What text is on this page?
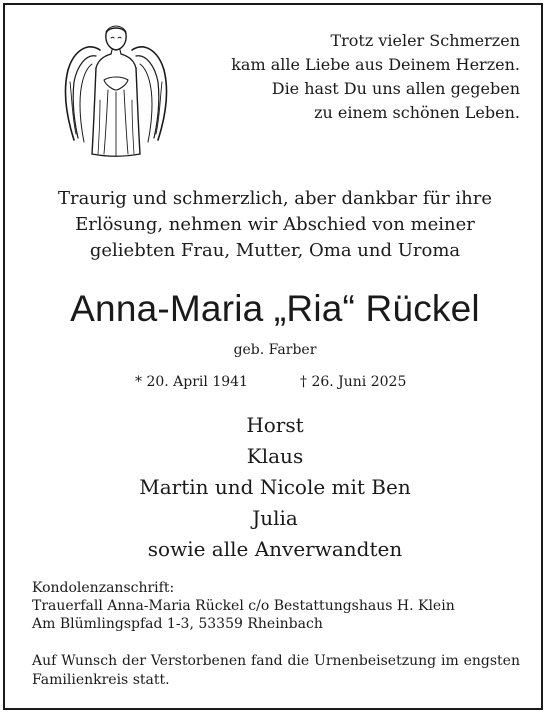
Trotz vieler Schmerzen
kam alle Liebe aus Deinem Herzen.
Die hast Du uns allen gegeben
zu einem schönen Leben.
Traurig und schmerzlich, aber dankbar für ihre
Erlösung, nehmen wir Abschied von meiner
geliebten Frau, Mutter, Oma und Uroma
Anna-Maria „Ria“ Rückel
geb. Farber
* 20. April 1941	† 26. Juni 2025
Horst
Klaus
Martin und Nicole mit Ben
Julia
sowie alle Anverwandten
Kondolenzanschrift:
Trauerfall Anna-Maria Rückel c/o Bestattungshaus H. Klein
Am Blümlingspfad 1-3, 53359 Rheinbach
Auf Wunsch der Verstorbenen fand die Urnenbeisetzung im engsten Familienkreis statt.
